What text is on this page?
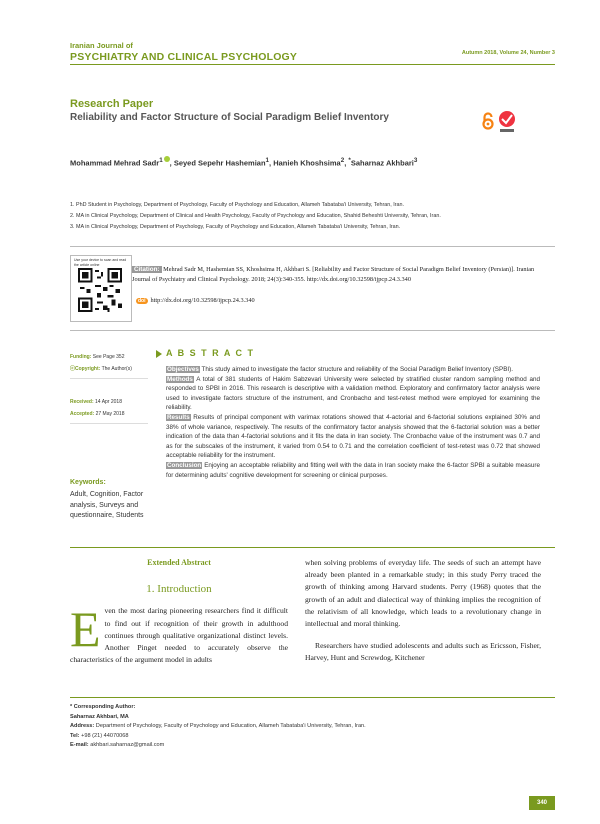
Iranian Journal of
PSYCHIATRY AND CLINICAL PSYCHOLOGY	Autumn 2018, Volume 24, Number 3
Research Paper
Reliability and Factor Structure of Social Paradigm Belief Inventory
Mohammad Mehrad Sadr$^1$ , Seyed Sepehr Hashemian$^1$, Hanieh Khoshsima$^2$, *Saharnaz Akhbari$^3$
1. PhD Student in Psychology, Department of Psychology, Faculty of Psychology and Education, Allameh Tabataba'i University, Tehran, Iran.
2. MA in Clinical Psychology, Department of Clinical and Health Psychology, Faculty of Psychology and Education, Shahid Beheshti University, Tehran, Iran.
3. MA in Clinical Psychology, Department of Psychology, Faculty of Psychology and Education, Allameh Tabataba'i University, Tehran, Iran.
Use your device to scan and read the article online
Citation: Mehrad Sadr M, Hashemian SS, Khoshsima H, Akhbari S. [Reliability and Factor Structure of Social Paradigm Belief Inventory (Persian)]. Iranian Journal of Psychiatry and Clinical Psychology. 2018; 24(3):340-355. http://dx.doi.org/10.32598/ijpcp.24.3.340
doi http://dx.doi.org/10.32598/ijpcp.24.3.340
Funding: See Page 352
ⓒCopyright: The Author(s)
Received: 14 Apr 2018
Accepted: 27 May 2018
Keywords:
Adult, Cognition, Factor analysis, Surveys and questionnaire, Students
A B S T R A C T
Objectives This study aimed to investigate the factor structure and reliability of the Social Paradigm Belief Inventory (SPBI).
Methods A total of 381 students of Hakim Sabzevari University were selected by stratified cluster random sampling method and responded to SPBI in 2016. This research is descriptive with a validation method. Exploratory and confirmatory factor analysis were used to investigate factors structure of the instrument, and Cronbachα and test-retest method were employed for examining the reliability.
Results Results of principal component with varimax rotations showed that 4-actorial and 6-factorial solutions explained 30% and 38% of whole variance, respectively. The results of the confirmatory factor analysis showed that the 6-factorial solution was a better indication of the data than 4-factorial solutions and it fits the data in Iran society. The Cronbachα value of the instrument was 0.7 and as for the subscales of the instrument, it varied from 0.54 to 0.71 and the correlation coefficient of test-retest was 0.72 that showed acceptable reliability for the instrument.
Conclusion Enjoying an acceptable reliability and fitting well with the data in Iran society make the 6-factor SPBI a suitable measure for determining adults' cognitive development for screening or clinical purposes.
Extended Abstract
1. Introduction
Even the most daring pioneering researchers find it difficult to find out if recognition of their growth in adulthood continues through qualitative organizational distinct levels. Another Pinget needed to accurately observe the characteristics of the argument model in adults
when solving problems of everyday life. The seeds of such an attempt have already been planted in a remarkable study; in this study Perry traced the growth of thinking among Harvard students. Perry (1968) quotes that the growth of an adult and dialectical way of thinking implies the recognition of the relativism of all knowledge, which leads to a revolutionary change in intellectual and moral thinking.
Researchers have studied adolescents and adults such as Ericsson, Fisher, Harvey, Hunt and Screwdog, Kitchener
* Corresponding Author:
Saharnaz Akhbari, MA
Address: Department of Psychology, Faculty of Psychology and Education, Allameh Tabataba'i University, Tehran, Iran.
Tel: +98 (21) 44070068
E-mail: akhbari.saharnaz@gmail.com
340
